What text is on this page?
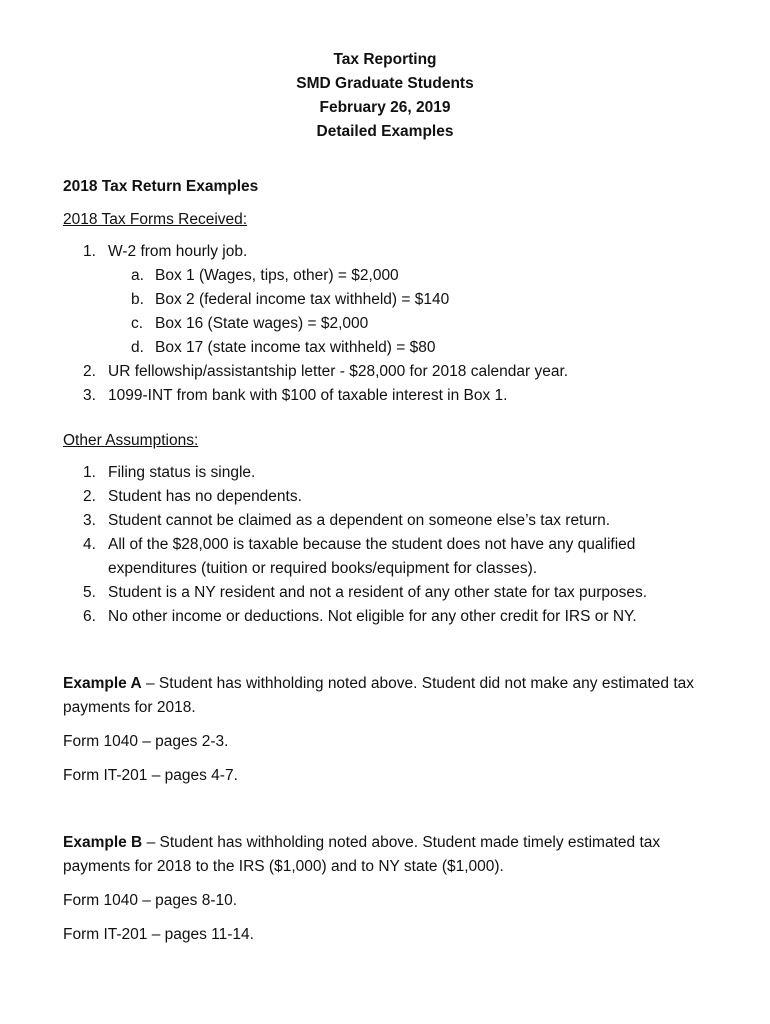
Tax Reporting
SMD Graduate Students
February 26, 2019
Detailed Examples

2018 Tax Return Examples

2018 Tax Forms Received:

1. W-2 from hourly job.
a. Box 1 (Wages, tips, other) = $2,000
b. Box 2 (federal income tax withheld) = $140
c. Box 16 (State wages) = $2,000
d. Box 17 (state income tax withheld) = $80
2. UR fellowship/assistantship letter - $28,000 for 2018 calendar year.
3. 1099-INT from bank with $100 of taxable interest in Box 1.

Other Assumptions:

1. Filing status is single.
2. Student has no dependents.
3. Student cannot be claimed as a dependent on someone else’s tax return.
4. All of the $28,000 is taxable because the student does not have any qualified expenditures (tuition or required books/equipment for classes).
5. Student is a NY resident and not a resident of any other state for tax purposes.
6. No other income or deductions. Not eligible for any other credit for IRS or NY.
Example A – Student has withholding noted above. Student did not make any estimated tax payments for 2018.
Form 1040 – pages 2-3.
Form IT-201 – pages 4-7.
Example B – Student has withholding noted above. Student made timely estimated tax payments for 2018 to the IRS ($1,000) and to NY state ($1,000).
Form 1040 – pages 8-10.
Form IT-201 – pages 11-14.
